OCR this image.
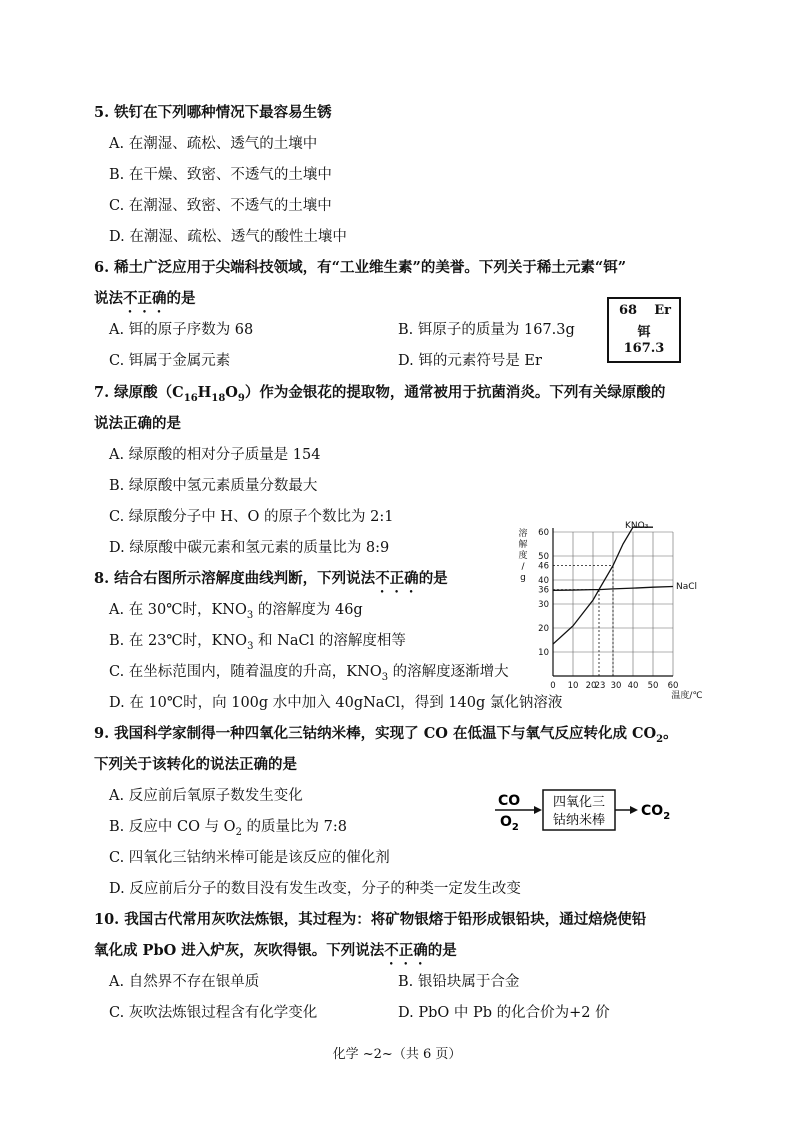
5. 铁钉在下列哪种情况下最容易生锈
A. 在潮湿、疏松、透气的土壤中
B. 在干燥、致密、不透气的土壤中
C. 在潮湿、致密、不透气的土壤中
D. 在潮湿、疏松、透气的酸性土壤中
6. 稀土广泛应用于尖端科技领域，有“工业维生素”的美誉。下列关于稀土元素“铒”
说法不正确的是
A. 铒的原子序数为 68	B. 铒原子的质量为 167.3g
C. 铒属于金属元素	D. 铒的元素符号是 Er
68 Er
铒
167.3
7. 绿原酸$(C_{16}H_{18}O_9)$作为金银花的提取物，通常被用于抗菌消炎。下列有关绿原酸的
说法正确的是
A. 绿原酸的相对分子质量是 154
B. 绿原酸中氢元素质量分数最大
C. 绿原酸分子中 H、O 的原子个数比为 2:1
D. 绿原酸中碳元素和氢元素的质量比为 8:9
8. 结合右图所示溶解度曲线判断，下列说法不正确的是
A. 在 30℃时，$KNO_3$ 的溶解度为 46g
B. 在 23℃时，$KNO_3$ 和 NaCl 的溶解度相等
C. 在坐标范围内，随着温度的升高，$KNO_3$ 的溶解度逐渐增大
D. 在 10℃时，向 100g 水中加入 40gNaCl，得到 140g 氯化钠溶液
0 10 20
23 30 40 50 60
10
20
30
36
40
46
50
60
溶
解
度
/
g
温度/℃
KNO₃
NaCl
9. 我国科学家制得一种四氧化三钴纳米棒，实现了 CO 在低温下与氧气反应转化成 $CO_2$。
下列关于该转化的说法正确的是
A. 反应前后氧原子数发生变化
B. 反应中 CO 与 $O_2$ 的质量比为 7:8
C. 四氧化三钴纳米棒可能是该反应的催化剂
D. 反应前后分子的数目没有发生改变，分子的种类一定发生改变
CO
$O_2$
四氧化三
钴纳米棒
$CO_2$
10. 我国古代常用灰吹法炼银，其过程为：将矿物银熔于铅形成银铅块，通过焙烧使铅
氧化成 PbO 进入炉灰，灰吹得银。下列说法不正确的是
A. 自然界不存在银单质	B. 银铅块属于合金
C. 灰吹法炼银过程含有化学变化	D. PbO 中 Pb 的化合价为+2 价
化学 ~2~（共 6 页）
